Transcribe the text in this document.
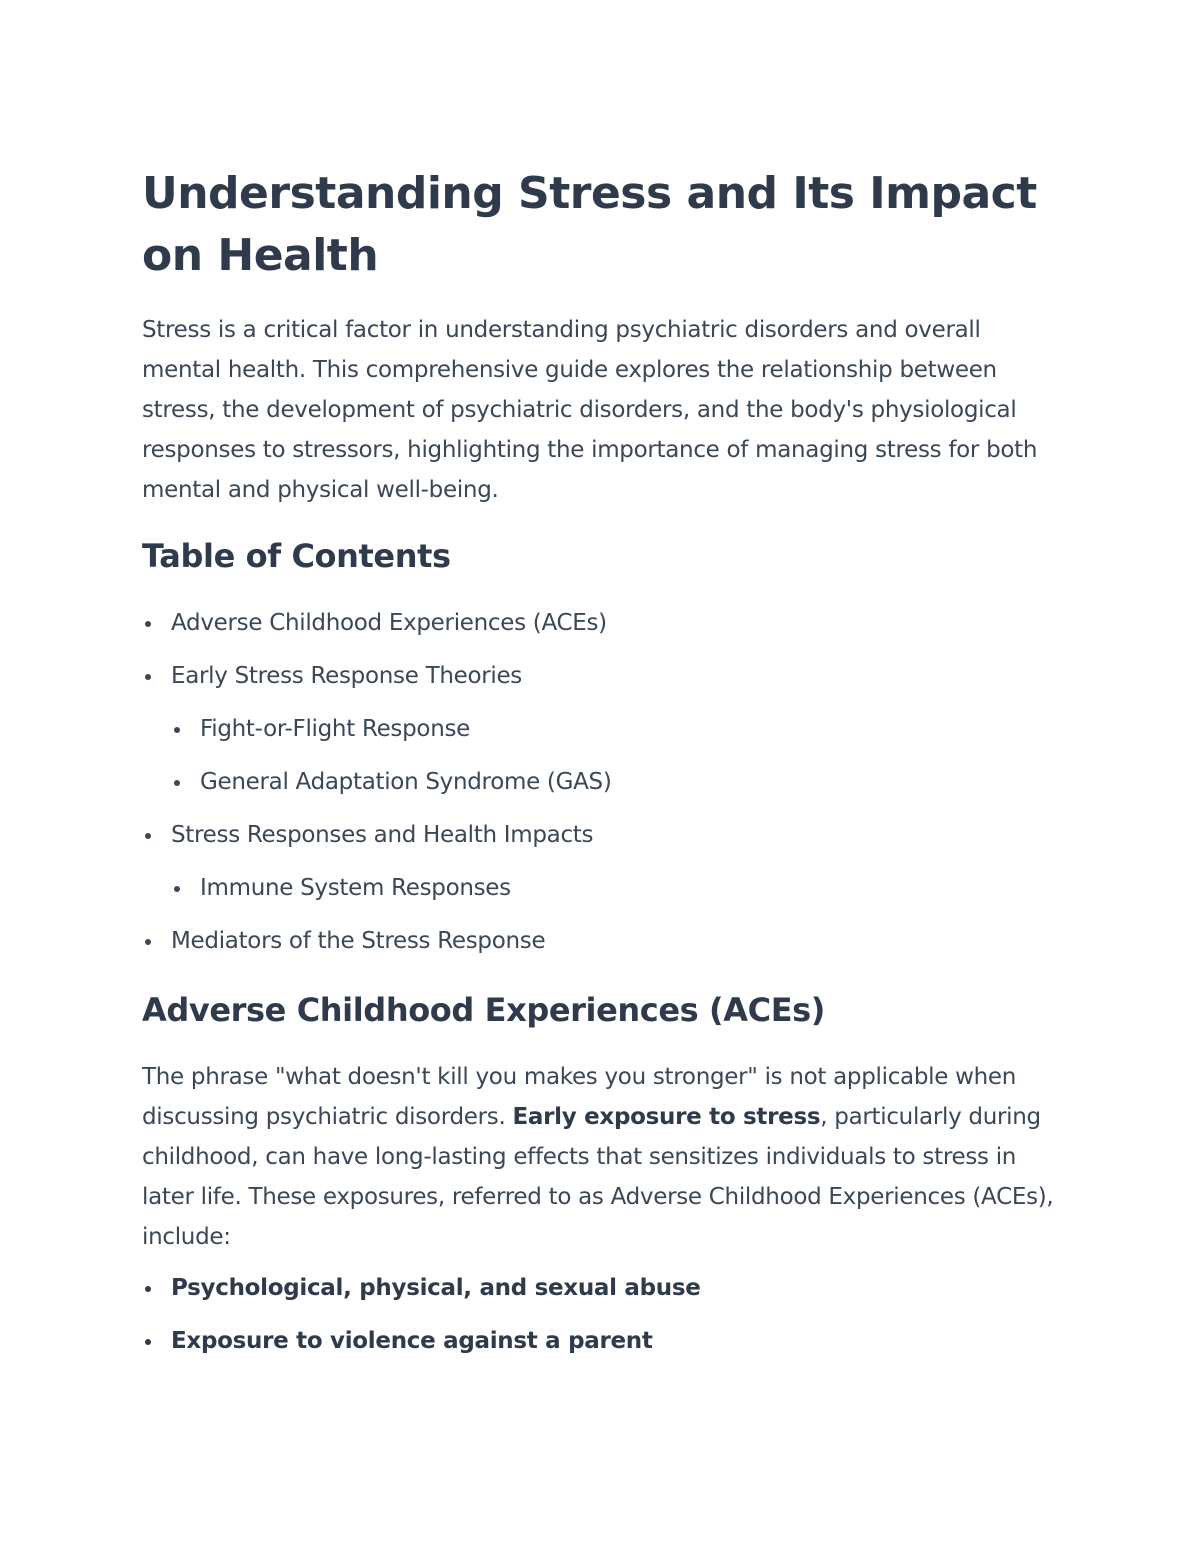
Understanding Stress and Its Impact on Health

Stress is a critical factor in understanding psychiatric disorders and overall mental health. This comprehensive guide explores the relationship between stress, the development of psychiatric disorders, and the body's physiological responses to stressors, highlighting the importance of managing stress for both mental and physical well-being.

Table of Contents
Adverse Childhood Experiences (ACEs)
Early Stress Response Theories
Fight-or-Flight Response
General Adaptation Syndrome (GAS)
Stress Responses and Health Impacts
Immune System Responses
Mediators of the Stress Response
Adverse Childhood Experiences (ACEs)

The phrase "what doesn't kill you makes you stronger" is not applicable when discussing psychiatric disorders. Early exposure to stress, particularly during childhood, can have long-lasting effects that sensitizes individuals to stress in later life. These exposures, referred to as Adverse Childhood Experiences (ACEs), include:

Psychological, physical, and sexual abuse
Exposure to violence against a parent
